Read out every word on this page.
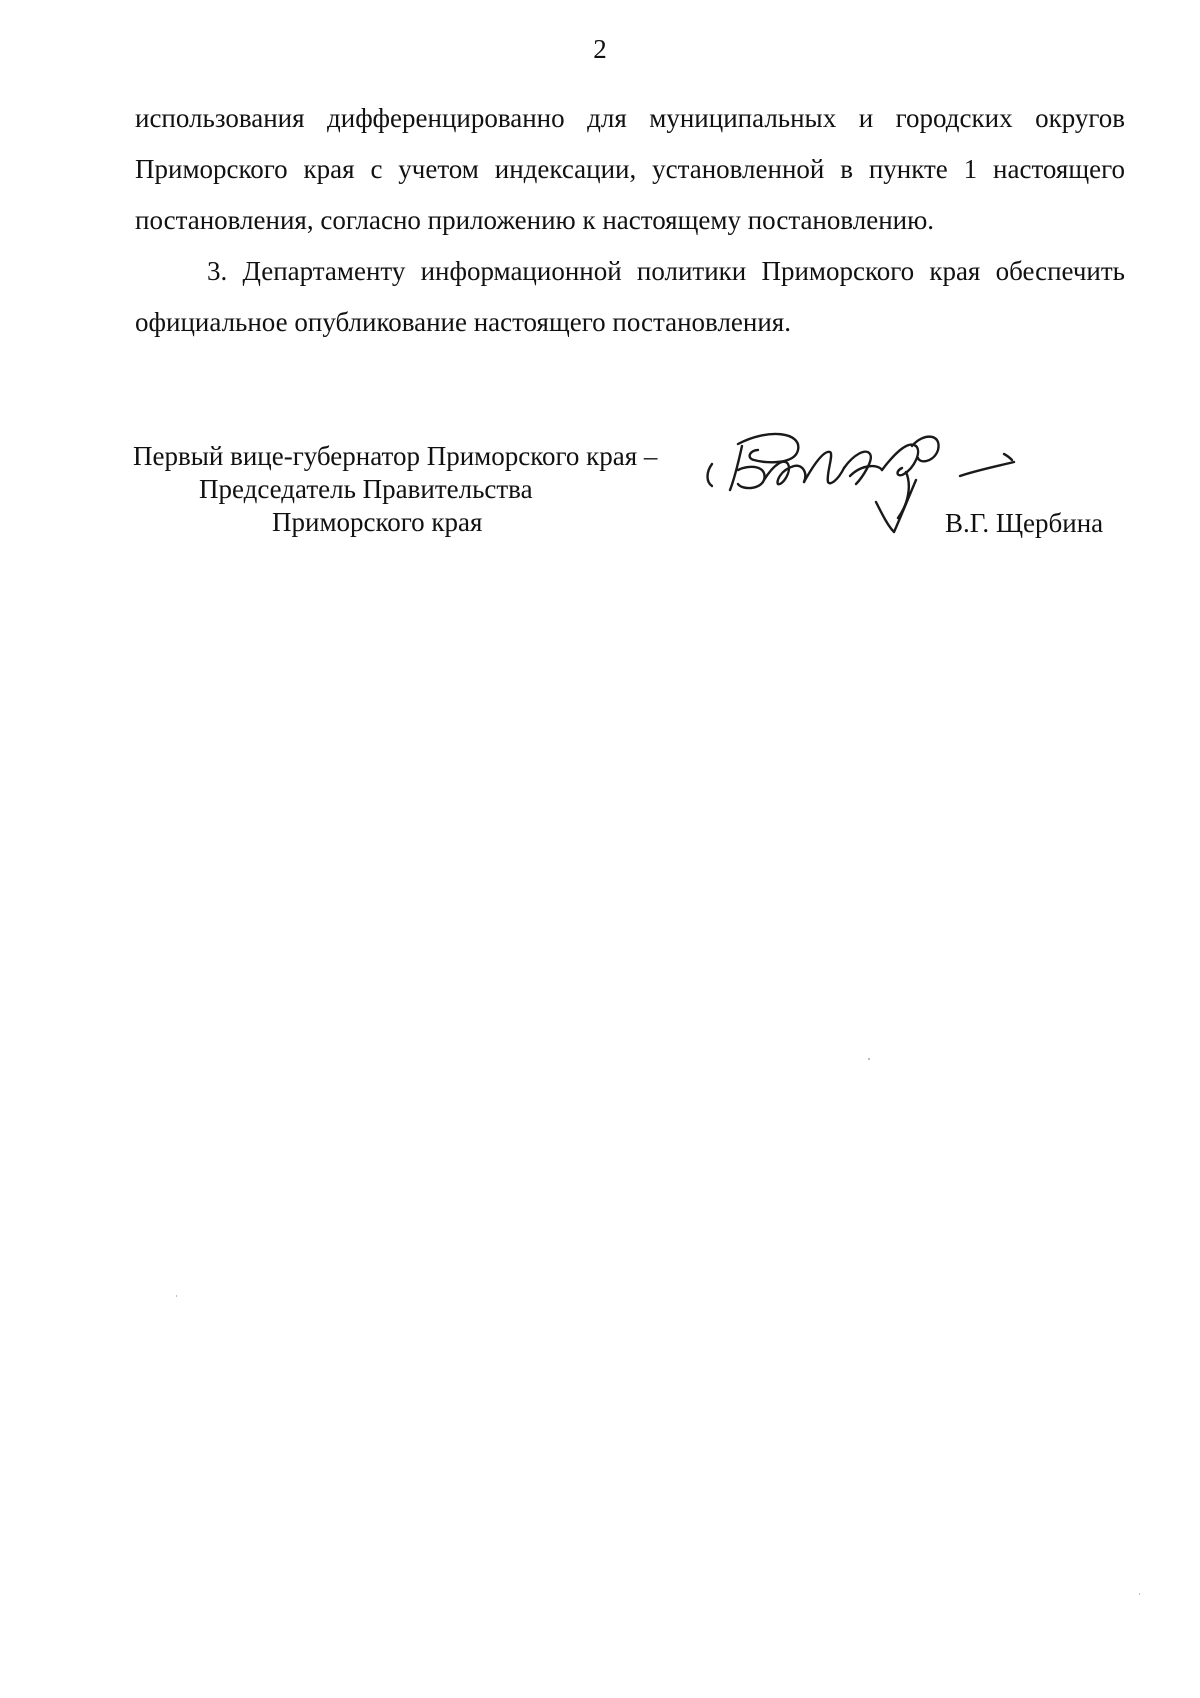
2

использования дифференцированно для муниципальных и городских округов Приморского края с учетом индексации, установленной в пункте 1 настоящего постановления, согласно приложению к настоящему постановлению.

3. Департаменту информационной политики Приморского края обеспечить официальное опубликование настоящего постановления.

Первый вице-губернатор Приморского края –
Председатель Правительства
Приморского края	В.Г. Щербина
